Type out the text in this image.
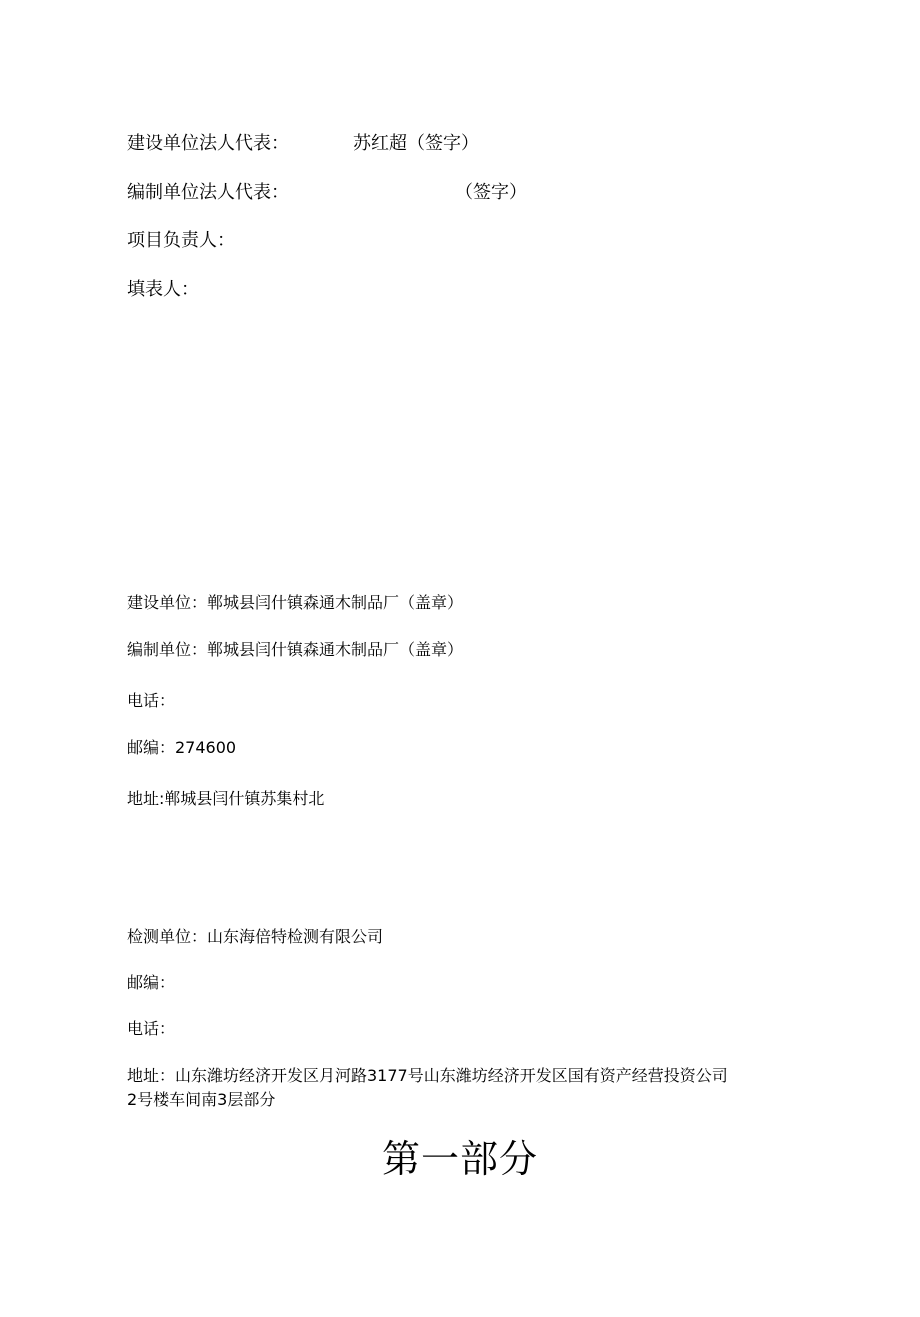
建设单位法人代表：	苏红超（签字）
编制单位法人代表：	（签字）
项目负责人：
填表人：
建设单位：郸城县闫什镇森通木制品厂（盖章）
编制单位：郸城县闫什镇森通木制品厂（盖章）
电话：
邮编：274600
地址:郸城县闫什镇苏集村北
检测单位：山东海倍特检测有限公司
邮编：
电话：
地址：山东潍坊经济开发区月河路3177号山东潍坊经济开发区国有资产经营投资公司
2号楼车间南3层部分
第一部分
